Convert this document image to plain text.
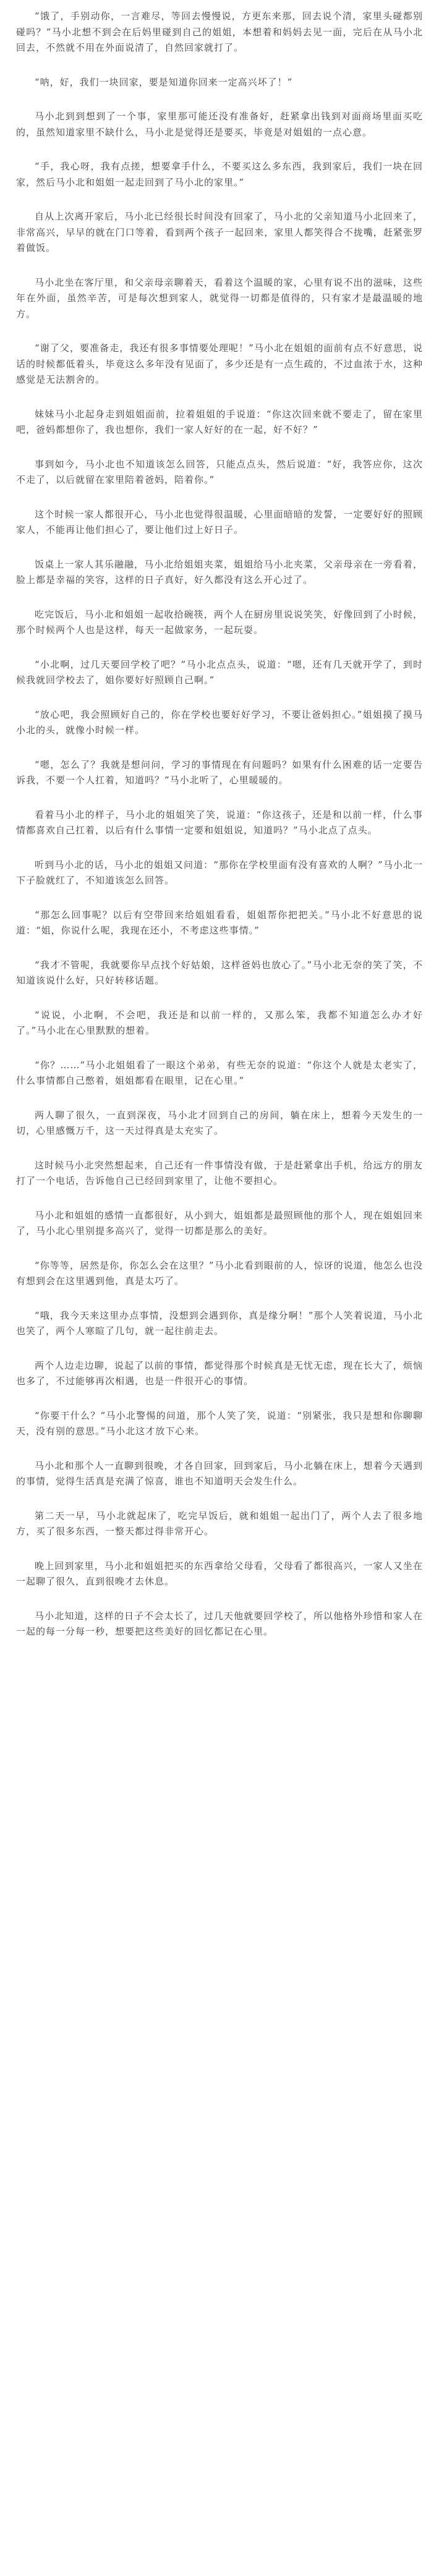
“饿了，手别动你，一言难尽，等回去慢慢说，方更东来那，回去说个清，家里头碰都别碰吗？”马小北想不到会在后妈里碰到自己的姐姐，本想着和妈妈去见一面，完后在从马小北回去，不然就不用在外面说清了，自然回家就打了。

“呐，好，我们一块回家，要是知道你回来一定高兴坏了！”

马小北到到想到了一个事，家里那可能还没有准备好，赶紧拿出钱到对面商场里面买吃的，虽然知道家里不缺什么，马小北是觉得还是要买，毕竟是对姐姐的一点心意。

“手，我心呀，我有点搓，想要拿手什么，不要买这么多东西，我到家后，我们一块在回家，然后马小北和姐姐一起走回到了马小北的家里。”

自从上次离开家后，马小北已经很长时间没有回家了，马小北的父亲知道马小北回来了，非常高兴，早早的就在门口等着，看到两个孩子一起回来，家里人都笑得合不拢嘴，赶紧张罗着做饭。

马小北坐在客厅里，和父亲母亲聊着天，看着这个温暖的家，心里有说不出的滋味，这些年在外面，虽然辛苦，可是每次想到家人，就觉得一切都是值得的，只有家才是最温暖的地方。

“谢了父，要准备走，我还有很多事情要处理呢！”马小北在姐姐的面前有点不好意思，说话的时候都低着头，毕竟这么多年没有见面了，多少还是有一点生疏的，不过血浓于水，这种感觉是无法割舍的。

妹妹马小北起身走到姐姐面前，拉着姐姐的手说道：“你这次回来就不要走了，留在家里吧，爸妈都想你了，我也想你，我们一家人好好的在一起，好不好？”

事到如今，马小北也不知道该怎么回答，只能点点头，然后说道：“好，我答应你，这次不走了，以后就留在家里陪着爸妈，陪着你。”

这个时候一家人都很开心，马小北也觉得很温暖，心里面暗暗的发誓，一定要好好的照顾家人，不能再让他们担心了，要让他们过上好日子。

饭桌上一家人其乐融融，马小北给姐姐夹菜，姐姐给马小北夹菜，父亲母亲在一旁看着，脸上都是幸福的笑容，这样的日子真好，好久都没有这么开心过了。

吃完饭后，马小北和姐姐一起收拾碗筷，两个人在厨房里说说笑笑，好像回到了小时候，那个时候两个人也是这样，每天一起做家务，一起玩耍。

“小北啊，过几天要回学校了吧？”马小北点点头，说道：“嗯，还有几天就开学了，到时候我就回学校去了，姐你要好好照顾自己啊。”

“放心吧，我会照顾好自己的，你在学校也要好好学习，不要让爸妈担心。”姐姐摸了摸马小北的头，就像小时候一样。

“嗯，怎么了？我就是想问问，学习的事情现在有问题吗？如果有什么困难的话一定要告诉我，不要一个人扛着，知道吗？”马小北听了，心里暖暖的。

看着马小北的样子，马小北的姐姐笑了笑，说道：“你这孩子，还是和以前一样，什么事情都喜欢自己扛着，以后有什么事情一定要和姐姐说，知道吗？”马小北点了点头。

听到马小北的话，马小北的姐姐又问道：“那你在学校里面有没有喜欢的人啊？”马小北一下子脸就红了，不知道该怎么回答。

“那怎么回事呢？以后有空带回来给姐姐看看，姐姐帮你把把关。”马小北不好意思的说道：“姐，你说什么呢，我现在还小，不考虑这些事情。”

“我才不管呢，我就要你早点找个好姑娘，这样爸妈也放心了。”马小北无奈的笑了笑，不知道该说什么好，只好转移话题。

“说说，小北啊，不会吧，我还是和以前一样的，又那么笨，我都不知道怎么办才好了。”马小北在心里默默的想着。

“你？……”马小北姐姐看了一眼这个弟弟，有些无奈的说道：“你这个人就是太老实了，什么事情都自己憋着，姐姐都看在眼里，记在心里。”

两人聊了很久，一直到深夜，马小北才回到自己的房间，躺在床上，想着今天发生的一切，心里感慨万千，这一天过得真是太充实了。

这时候马小北突然想起来，自己还有一件事情没有做，于是赶紧拿出手机，给远方的朋友打了一个电话，告诉他自己已经回到家里了，让他不要担心。

马小北和姐姐的感情一直都很好，从小到大，姐姐都是最照顾他的那个人，现在姐姐回来了，马小北心里别提多高兴了，觉得一切都是那么的美好。

“你等等，居然是你，你怎么会在这里？”马小北看到眼前的人，惊讶的说道，他怎么也没有想到会在这里遇到他，真是太巧了。

“哦，我今天来这里办点事情，没想到会遇到你，真是缘分啊！”那个人笑着说道，马小北也笑了，两个人寒暄了几句，就一起往前走去。

两个人边走边聊，说起了以前的事情，都觉得那个时候真是无忧无虑，现在长大了，烦恼也多了，不过能够再次相遇，也是一件很开心的事情。

“你要干什么？”马小北警惕的问道，那个人笑了笑，说道：“别紧张，我只是想和你聊聊天，没有别的意思。”马小北这才放下心来。

马小北和那个人一直聊到很晚，才各自回家，回到家后，马小北躺在床上，想着今天遇到的事情，觉得生活真是充满了惊喜，谁也不知道明天会发生什么。

第二天一早，马小北就起床了，吃完早饭后，就和姐姐一起出门了，两个人去了很多地方，买了很多东西，一整天都过得非常开心。

晚上回到家里，马小北和姐姐把买的东西拿给父母看，父母看了都很高兴，一家人又坐在一起聊了很久，直到很晚才去休息。

马小北知道，这样的日子不会太长了，过几天他就要回学校了，所以他格外珍惜和家人在一起的每一分每一秒，想要把这些美好的回忆都记在心里。
